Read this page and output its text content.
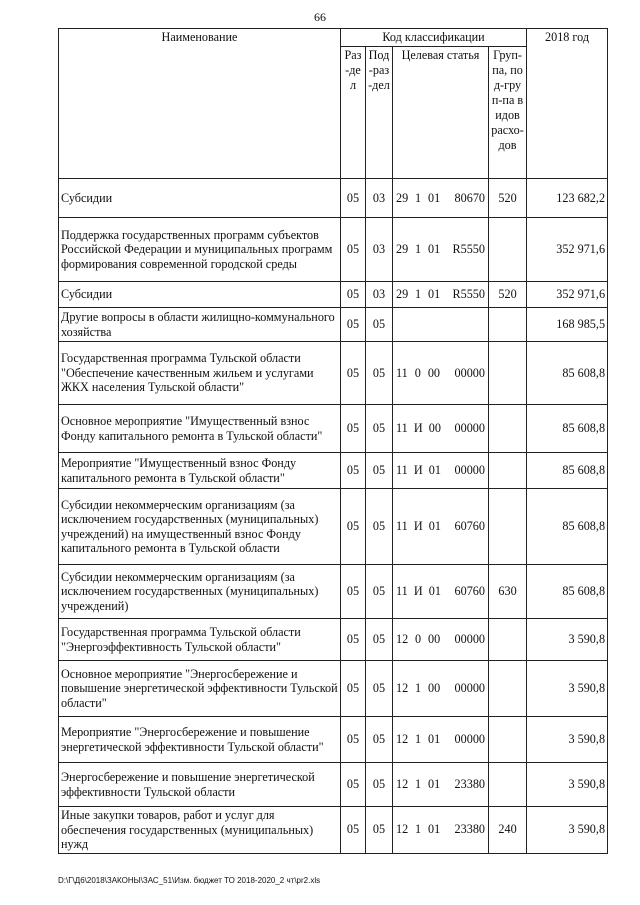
66
Наименование	Код классификации				2018 год
	Раз-дел	Под-раз-дел	Целевая статья	Груп-па, под-груп-па видов расхо-дов	
Субсидии	05	03	29 1 01 80670	520	123 682,2
Поддержка государственных программ субъектов Российской Федерации и муниципальных программ формирования современной городской среды	05	03	29 1 01 R5550		352 971,6
Субсидии	05	03	29 1 01 R5550	520	352 971,6
Другие вопросы в области жилищно-коммунального хозяйства	05	05			168 985,5
Государственная программа Тульской области "Обеспечение качественным жильем и услугами ЖКХ населения Тульской области"	05	05	11 0 00 00000		85 608,8
Основное мероприятие "Имущественный взнос Фонду капитального ремонта в Тульской области"	05	05	11 И 00 00000		85 608,8
Мероприятие "Имущественный взнос Фонду капитального ремонта в Тульской области"	05	05	11 И 01 00000		85 608,8
Субсидии некоммерческим организациям (за исключением государственных (муниципальных) учреждений) на имущественный взнос Фонду капитального ремонта в Тульской области	05	05	11 И 01 60760		85 608,8
Субсидии некоммерческим организациям (за исключением государственных (муниципальных) учреждений)	05	05	11 И 01 60760	630	85 608,8
Государственная программа Тульской области "Энергоэффективность Тульской области"	05	05	12 0 00 00000		3 590,8
Основное мероприятие "Энергосбережение и повышение энергетической эффективности Тульской области"	05	05	12 1 00 00000		3 590,8
Мероприятие "Энергосбережение и повышение энергетической эффективности Тульской области"	05	05	12 1 01 00000		3 590,8
Энергосбережение и повышение энергетической эффективности Тульской области	05	05	12 1 01 23380		3 590,8
Иные закупки товаров, работ и услуг для обеспечения государственных (муниципальных) нужд	05	05	12 1 01 23380	240	3 590,8
D:\Г\Д6\2018\ЗАКОНЫ\ЗАС_51\Изм. бюджет ТО 2018-2020_2 чт\pr2.xls
